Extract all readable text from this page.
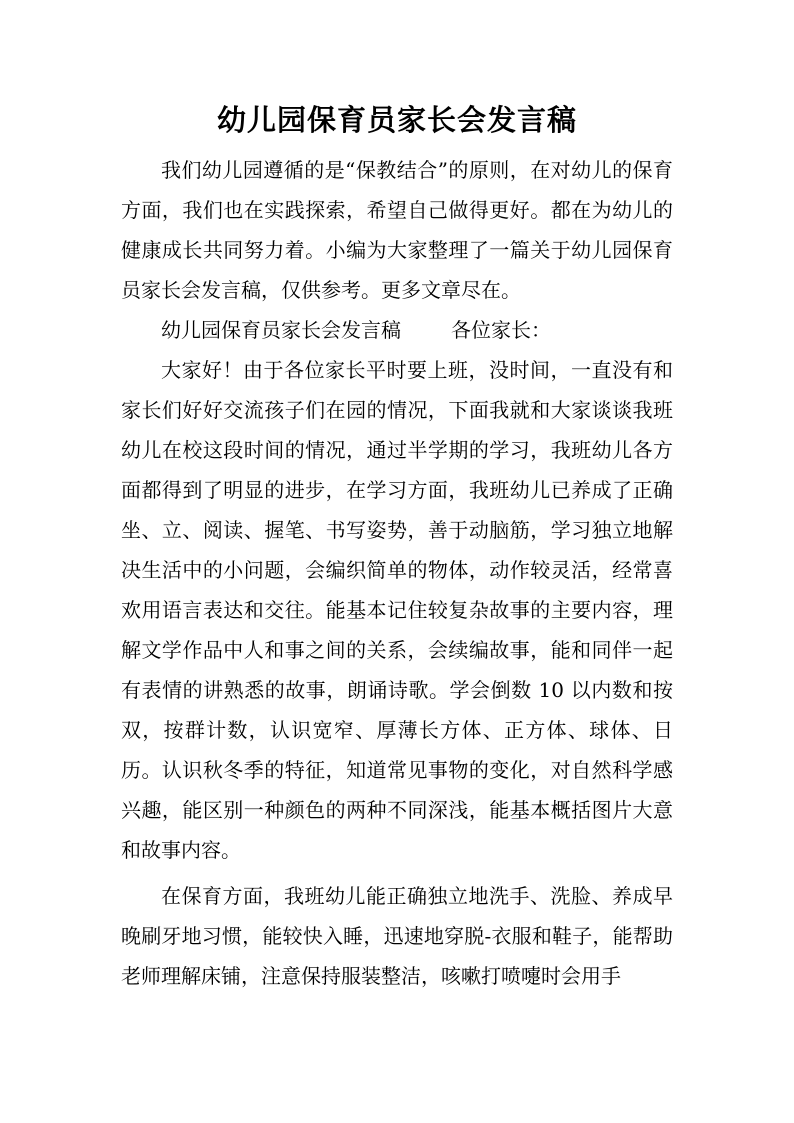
幼儿园保育员家长会发言稿

我们幼儿园遵循的是“保教结合”的原则，在对幼儿的保育方面，我们也在实践探索，希望自己做得更好。都在为幼儿的健康成长共同努力着。小编为大家整理了一篇关于幼儿园保育员家长会发言稿，仅供参考。更多文章尽在。

幼儿园保育员家长会发言稿	各位家长：

大家好！由于各位家长平时要上班，没时间，一直没有和家长们好好交流孩子们在园的情况，下面我就和大家谈谈我班幼儿在校这段时间的情况，通过半学期的学习，我班幼儿各方面都得到了明显的进步，在学习方面，我班幼儿已养成了正确坐、立、阅读、握笔、书写姿势，善于动脑筋，学习独立地解决生活中的小问题，会编织简单的物体，动作较灵活，经常喜欢用语言表达和交往。能基本记住较复杂故事的主要内容，理解文学作品中人和事之间的关系，会续编故事，能和同伴一起有表情的讲熟悉的故事，朗诵诗歌。学会倒数 10 以内数和按双，按群计数，认识宽窄、厚薄长方体、正方体、球体、日历。认识秋冬季的特征，知道常见事物的变化，对自然科学感兴趣，能区别一种颜色的两种不同深浅，能基本概括图片大意和故事内容。

在保育方面，我班幼儿能正确独立地洗手、洗脸、养成早晚刷牙地习惯，能较快入睡，迅速地穿脱-衣服和鞋子，能帮助老师理解床铺，注意保持服装整洁，咳嗽打喷嚏时会用手
